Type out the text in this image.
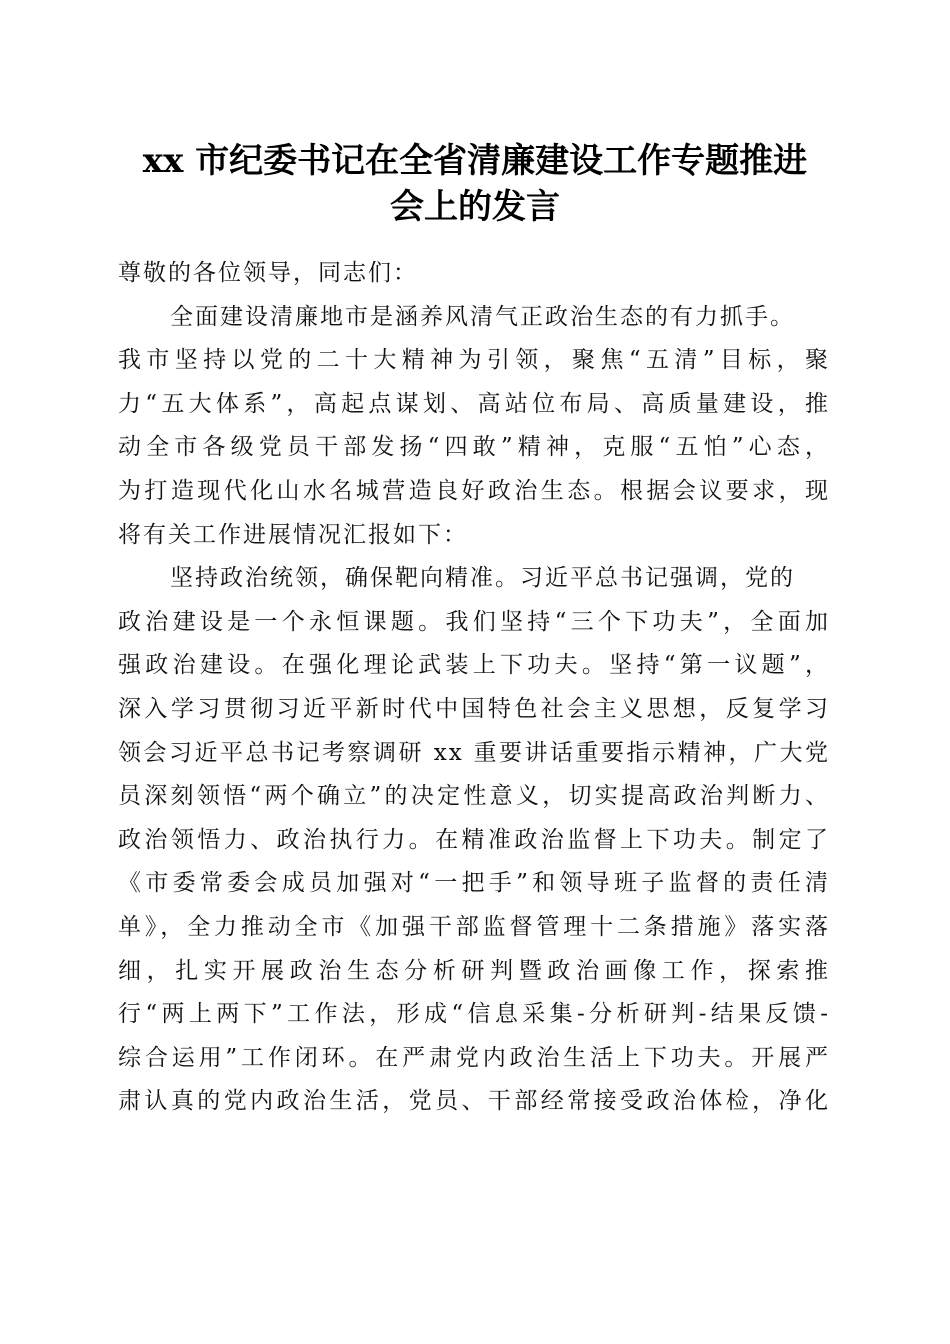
xx 市纪委书记在全省清廉建设工作专题推进
会上的发言
尊敬的各位领导，同志们：
全面建设清廉地市是涵养风清气正政治生态的有力抓手。
我市坚持以党的二十大精神为引领，聚焦“五清”目标，聚
力“五大体系”，高起点谋划、高站位布局、高质量建设，推
动全市各级党员干部发扬“四敢”精神，克服“五怕”心态，
为打造现代化山水名城营造良好政治生态。根据会议要求，现
将有关工作进展情况汇报如下：
坚持政治统领，确保靶向精准。习近平总书记强调，党的
政治建设是一个永恒课题。我们坚持“三个下功夫”，全面加
强政治建设。在强化理论武装上下功夫。坚持“第一议题”，
深入学习贯彻习近平新时代中国特色社会主义思想，反复学习
领会习近平总书记考察调研 xx 重要讲话重要指示精神，广大党
员深刻领悟“两个确立”的决定性意义，切实提高政治判断力、
政治领悟力、政治执行力。在精准政治监督上下功夫。制定了
《市委常委会成员加强对“一把手”和领导班子监督的责任清
单》，全力推动全市《加强干部监督管理十二条措施》落实落
细，扎实开展政治生态分析研判暨政治画像工作，探索推
行“两上两下”工作法，形成“信息采集-分析研判-结果反馈-
综合运用”工作闭环。在严肃党内政治生活上下功夫。开展严
肃认真的党内政治生活，党员、干部经常接受政治体检，净化
